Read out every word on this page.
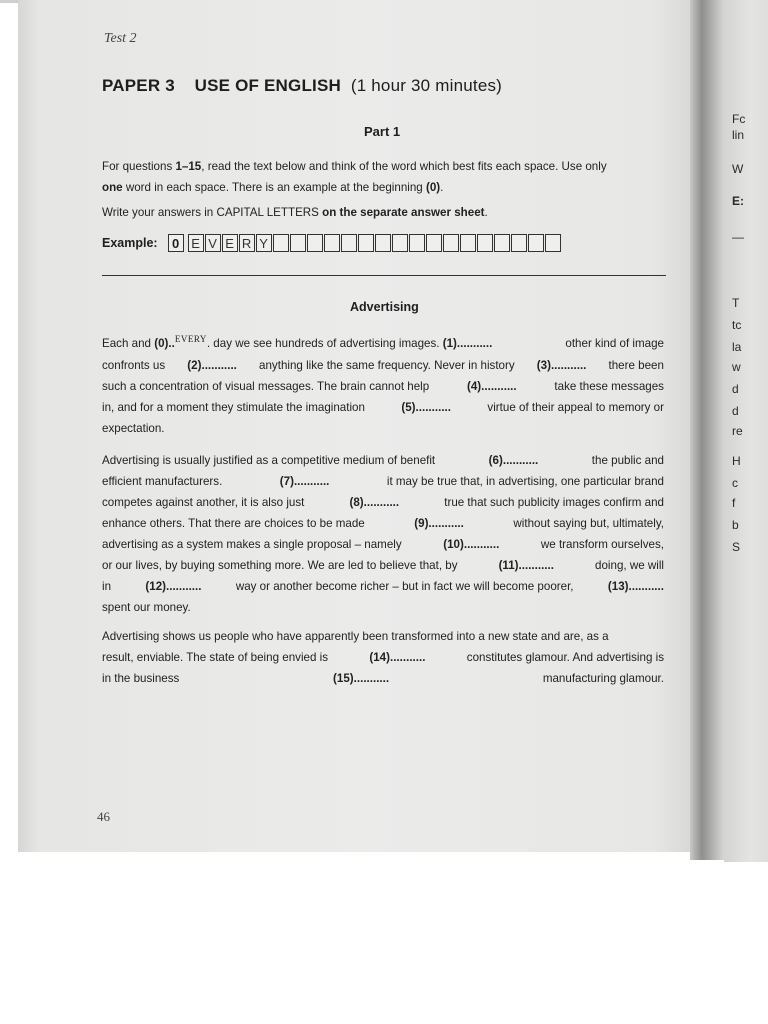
Fc
lin
W
E:
—
T
tc
la
w
d
d
re
H
c
f
b
S
Test 2
PAPER 3 USE OF ENGLISH (1 hour 30 minutes)
Part 1
For questions 1–15 , read the text below and think of the word which best fits each space. Use only
one word in each space. There is an example at the beginning (0) .
Write your answers in CAPITAL LETTERS on the separate answer sheet .
Example:	0 E V E R Y
Advertising
Each and (0)..$^{EVERY}$. day we see hundreds of advertising images. (1)...........	other kind of image
confronts us (2)........... anything like the same frequency. Never in history (3)........... there been
such a concentration of visual messages. The brain cannot help	(4)...........	take these messages
in, and for a moment they stimulate the imagination	(5)...........	virtue of their appeal to memory or
expectation.
Advertising is usually justified as a competitive medium of benefit	(6)...........	the public and
efficient manufacturers.	(7)...........	it may be true that, in advertising, one particular brand
competes against another, it is also just	(8)...........	true that such publicity images confirm and
enhance others. That there are choices to be made	(9)...........	without saying but, ultimately,
advertising as a system makes a single proposal – namely	(10)...........	we transform ourselves,
or our lives, by buying something more. We are led to believe that, by	(11)...........	doing, we will
in	(12)...........	way or another become richer – but in fact we will become poorer,	(13)...........
spent our money.
Advertising shows us people who have apparently been transformed into a new state and are, as a
result, enviable. The state of being envied is	(14)...........	constitutes glamour. And advertising is
in the business	(15)...........	manufacturing glamour.
46
